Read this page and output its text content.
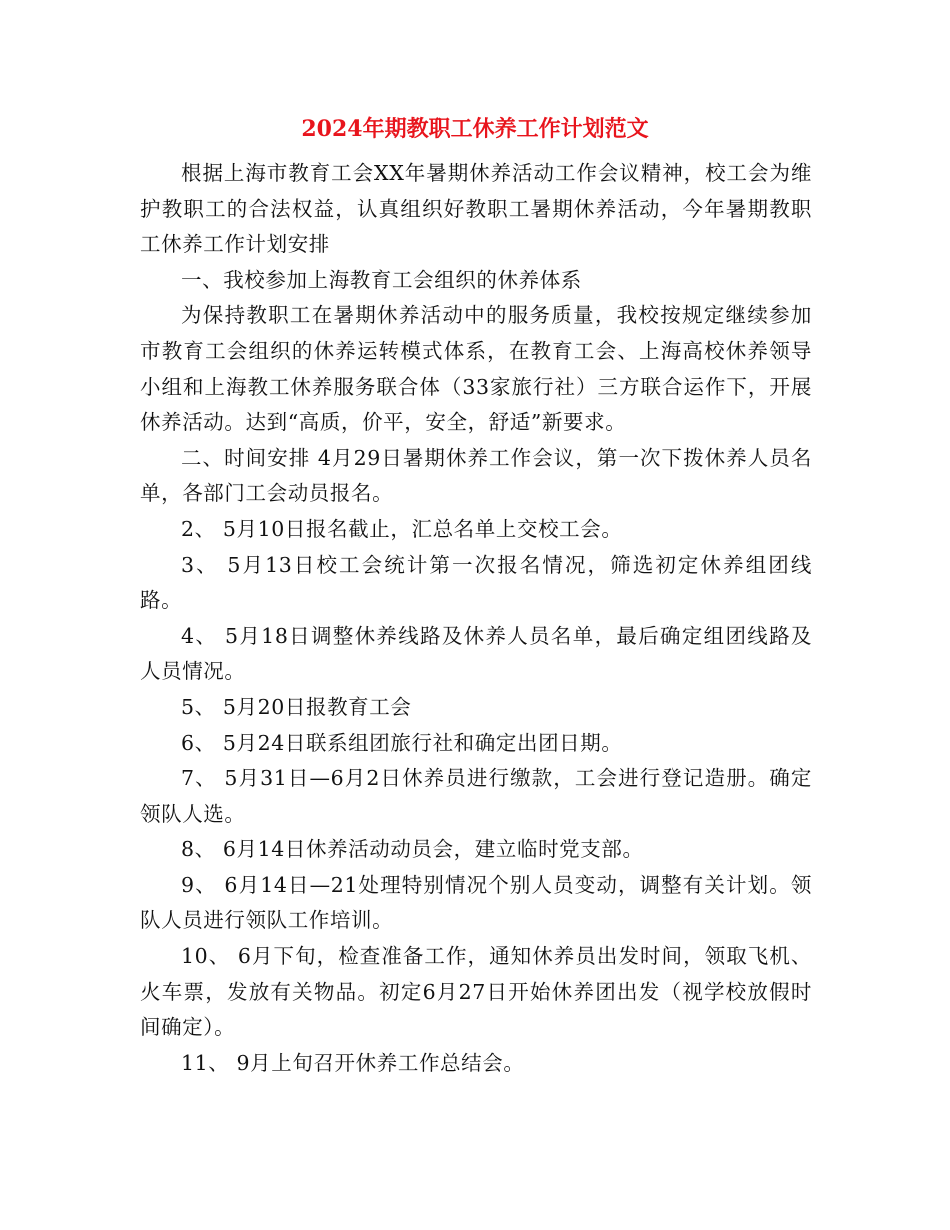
2024年期教职工休养工作计划范文

根据上海市教育工会XX年暑期休养活动工作会议精神，校工会为维护教职工的合法权益，认真组织好教职工暑期休养活动，今年暑期教职工休养工作计划安排

一、我校参加上海教育工会组织的休养体系

为保持教职工在暑期休养活动中的服务质量，我校按规定继续参加市教育工会组织的休养运转模式体系，在教育工会、上海高校休养领导小组和上海教工休养服务联合体（33家旅行社）三方联合运作下，开展休养活动。达到“高质，价平，安全，舒适”新要求。

二、时间安排 4月29日暑期休养工作会议，第一次下拨休养人员名单，各部门工会动员报名。

2、 5月10日报名截止，汇总名单上交校工会。

3、 5月13日校工会统计第一次报名情况，筛选初定休养组团线路。

4、 5月18日调整休养线路及休养人员名单，最后确定组团线路及人员情况。

5、 5月20日报教育工会

6、 5月24日联系组团旅行社和确定出团日期。

7、 5月31日—6月2日休养员进行缴款，工会进行登记造册。确定领队人选。

8、 6月14日休养活动动员会，建立临时党支部。

9、 6月14日—21处理特别情况个别人员变动，调整有关计划。领队人员进行领队工作培训。

10、 6月下旬，检查准备工作，通知休养员出发时间，领取飞机、火车票，发放有关物品。初定6月27日开始休养团出发（视学校放假时间确定）。

11、 9月上旬召开休养工作总结会。
